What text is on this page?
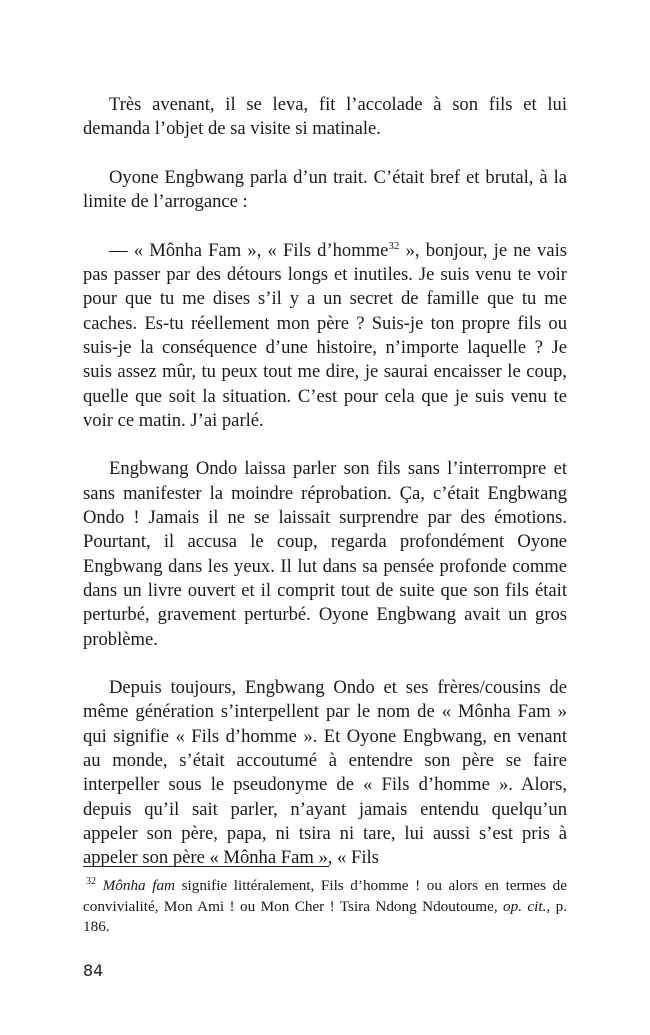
Très avenant, il se leva, fit l’accolade à son fils et lui demanda l’objet de sa visite si matinale.

Oyone Engbwang parla d’un trait. C’était bref et brutal, à la limite de l’arrogance :

— « Mônha Fam », « Fils d’homme$^{32}$ », bonjour, je ne vais pas passer par des détours longs et inutiles. Je suis venu te voir pour que tu me dises s’il y a un secret de famille que tu me caches. Es-tu réellement mon père ? Suis-je ton propre fils ou suis-je la conséquence d’une histoire, n’importe laquelle ? Je suis assez mûr, tu peux tout me dire, je saurai encaisser le coup, quelle que soit la situation. C’est pour cela que je suis venu te voir ce matin. J’ai parlé.

Engbwang Ondo laissa parler son fils sans l’interrompre et sans manifester la moindre réprobation. Ça, c’était Engbwang Ondo ! Jamais il ne se laissait surprendre par des émotions. Pourtant, il accusa le coup, regarda profondément Oyone Engbwang dans les yeux. Il lut dans sa pensée profonde comme dans un livre ouvert et il comprit tout de suite que son fils était perturbé, gravement perturbé. Oyone Engbwang avait un gros problème.

Depuis toujours, Engbwang Ondo et ses frères/cousins de même génération s’interpellent par le nom de « Mônha Fam » qui signifie « Fils d’homme ». Et Oyone Engbwang, en venant au monde, s’était accoutumé à entendre son père se faire interpeller sous le pseudonyme de « Fils d’homme ». Alors, depuis qu’il sait parler, n’ayant jamais entendu quelqu’un appeler son père, papa, ni tsira ni tare, lui aussi s’est pris à appeler son père « Mônha Fam », « Fils

$^{32}$ Mônha fam signifie littéralement, Fils d’homme ! ou alors en termes de convivialité, Mon Ami ! ou Mon Cher ! Tsira Ndong Ndoutoume, op. cit., p. 186.

84
